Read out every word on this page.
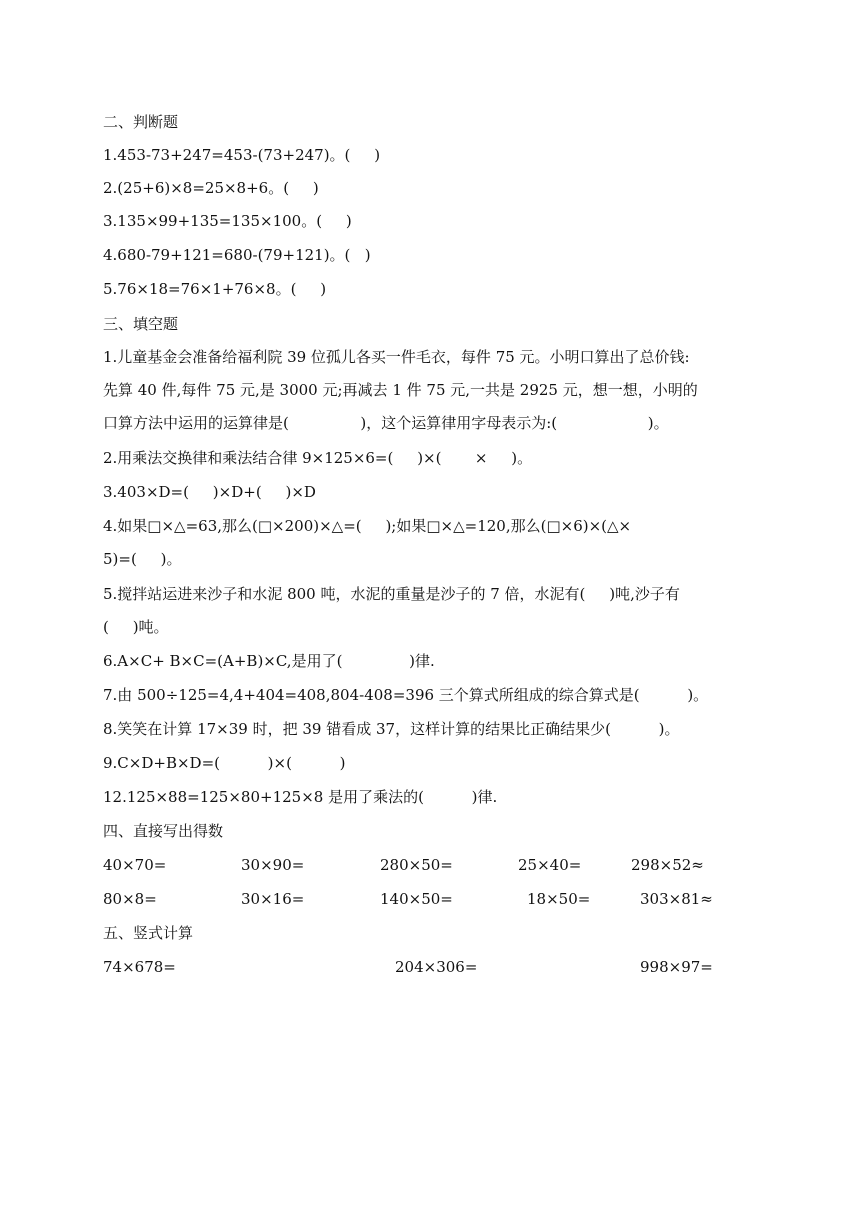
二、判断题
1.453-73+247=453-(73+247)。(     )
2.(25+6)×8=25×8+6。(     )
3.135×99+135=135×100。(     )
4.680-79+121=680-(79+121)。(   )
5.76×18=76×1+76×8。(     )
三、填空题
1.儿童基金会准备给福利院 39 位孤儿各买一件毛衣，每件 75 元。小明口算出了总价钱:
先算 40 件,每件 75 元,是 3000 元;再减去 1 件 75 元,一共是 2925 元，想一想，小明的
口算方法中运用的运算律是(               )，这个运算律用字母表示为:(                   )。
2.用乘法交换律和乘法结合律 9×125×6=(     )×(       ×     )。
3.403×D=(     )×D+(     )×D
4.如果□×△=63,那么(□×200)×△=(     );如果□×△=120,那么(□×6)×(△×
5)=(     )。
5.搅拌站运进来沙子和水泥 800 吨，水泥的重量是沙子的 7 倍，水泥有(     )吨,沙子有
(     )吨。
6.A×C+ B×C=(A+B)×C,是用了(              )律.
7.由 500÷125=4,4+404=408,804-408=396 三个算式所组成的综合算式是(          )。
8.笑笑在计算 17×39 时，把 39 错看成 37，这样计算的结果比正确结果少(          )。
9.C×D+B×D=(          )×(          )
12.125×88=125×80+125×8 是用了乘法的(          )律.
四、直接写出得数
40×70=	30×90=	280×50=	25×40=	298×52≈
80×8=	30×16=	140×50=	18×50=	303×81≈
五、竖式计算
74×678=	204×306=	998×97=
